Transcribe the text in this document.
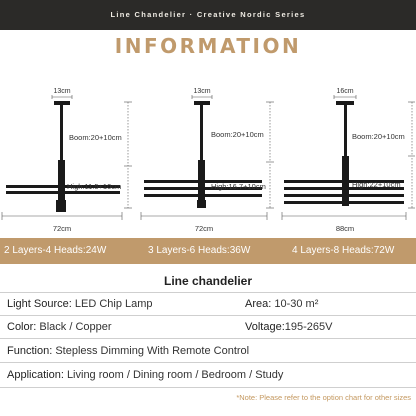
Line Chandelier · Creative Nordic Series
INFORMATION
13cm
Boom:20+10cm
High:11.5+10cm
72cm
13cm
Boom:20+10cm
High:16.7+10cm
72cm
16cm
Boom:20+10cm
High:22+10cm
88cm
2 Layers-4 Heads:24W	3 Layers-6 Heads:36W	4 Layers-8 Heads:72W
Line chandelier
Light Source: LED Chip Lamp	Area: 10-30 m²
Color: Black / Copper	Voltage:195-265V
Function: Stepless Dimming With Remote Control
Application: Living room / Dining room / Bedroom / Study
*Note: Please refer to the option chart for other sizes
